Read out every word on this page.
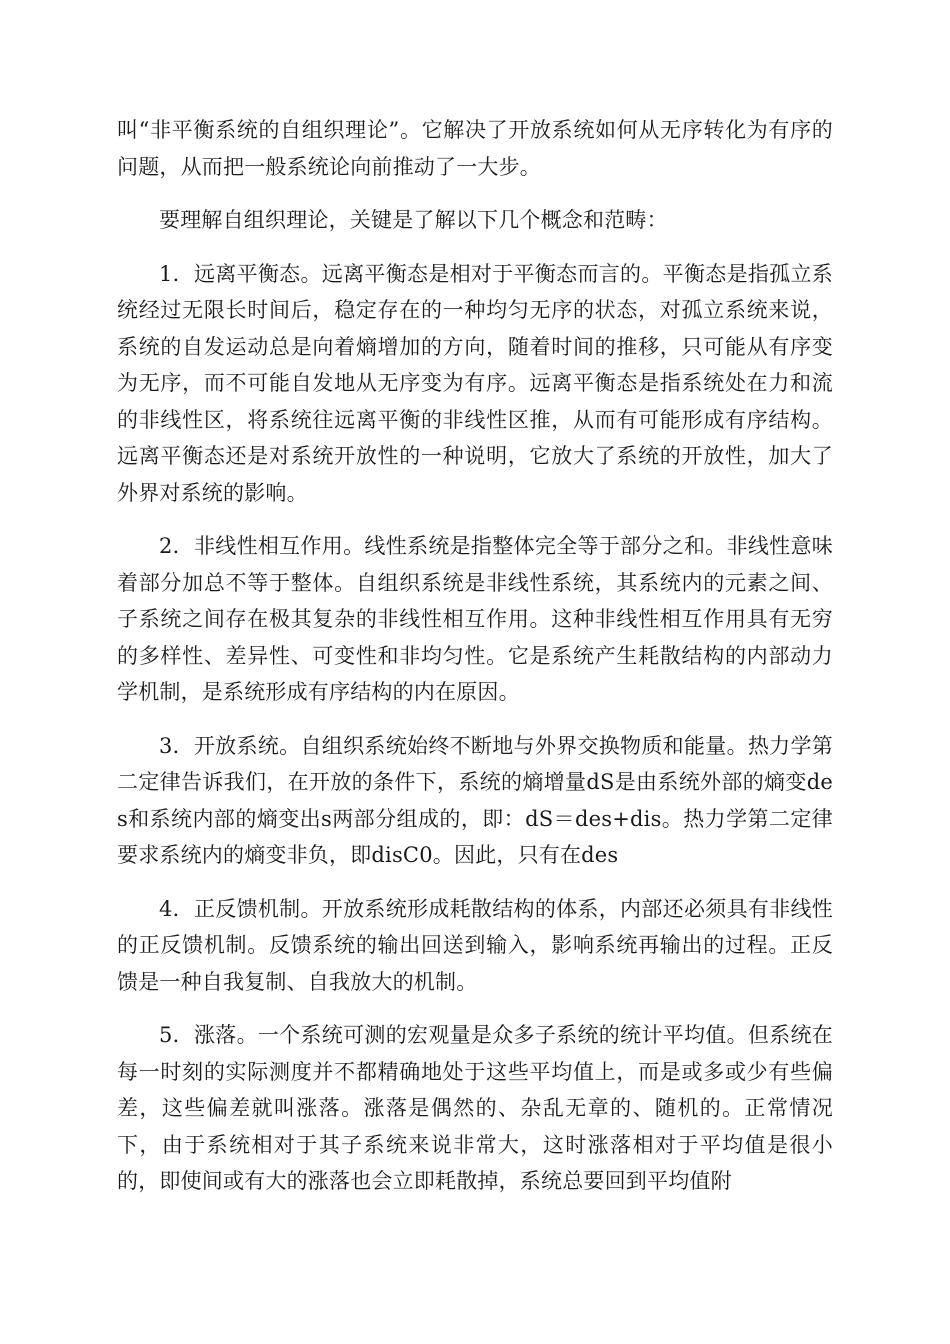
叫“非平衡系统的自组织理论”。它解决了开放系统如何从无序转化为有序的问题，从而把一般系统论向前推动了一大步。

要理解自组织理论，关键是了解以下几个概念和范畴：

1．远离平衡态。远离平衡态是相对于平衡态而言的。平衡态是指孤立系统经过无限长时间后，稳定存在的一种均匀无序的状态，对孤立系统来说，系统的自发运动总是向着熵增加的方向，随着时间的推移，只可能从有序变为无序，而不可能自发地从无序变为有序。远离平衡态是指系统处在力和流的非线性区，将系统往远离平衡的非线性区推，从而有可能形成有序结构。远离平衡态还是对系统开放性的一种说明，它放大了系统的开放性，加大了外界对系统的影响。

2．非线性相互作用。线性系统是指整体完全等于部分之和。非线性意味着部分加总不等于整体。自组织系统是非线性系统，其系统内的元素之间、子系统之间存在极其复杂的非线性相互作用。这种非线性相互作用具有无穷的多样性、差异性、可变性和非均匀性。它是系统产生耗散结构的内部动力学机制，是系统形成有序结构的内在原因。

3．开放系统。自组织系统始终不断地与外界交换物质和能量。热力学第二定律告诉我们，在开放的条件下，系统的熵增量dS是由系统外部的熵变des和系统内部的熵变出s两部分组成的，即：dS＝des+dis。热力学第二定律要求系统内的熵变非负，即disC0。因此，只有在des

4．正反馈机制。开放系统形成耗散结构的体系，内部还必须具有非线性的正反馈机制。反馈系统的输出回送到输入，影响系统再输出的过程。正反馈是一种自我复制、自我放大的机制。

5．涨落。一个系统可测的宏观量是众多子系统的统计平均值。但系统在每一时刻的实际测度并不都精确地处于这些平均值上，而是或多或少有些偏差，这些偏差就叫涨落。涨落是偶然的、杂乱无章的、随机的。正常情况下，由于系统相对于其子系统来说非常大，这时涨落相对于平均值是很小的，即使间或有大的涨落也会立即耗散掉，系统总要回到平均值附
